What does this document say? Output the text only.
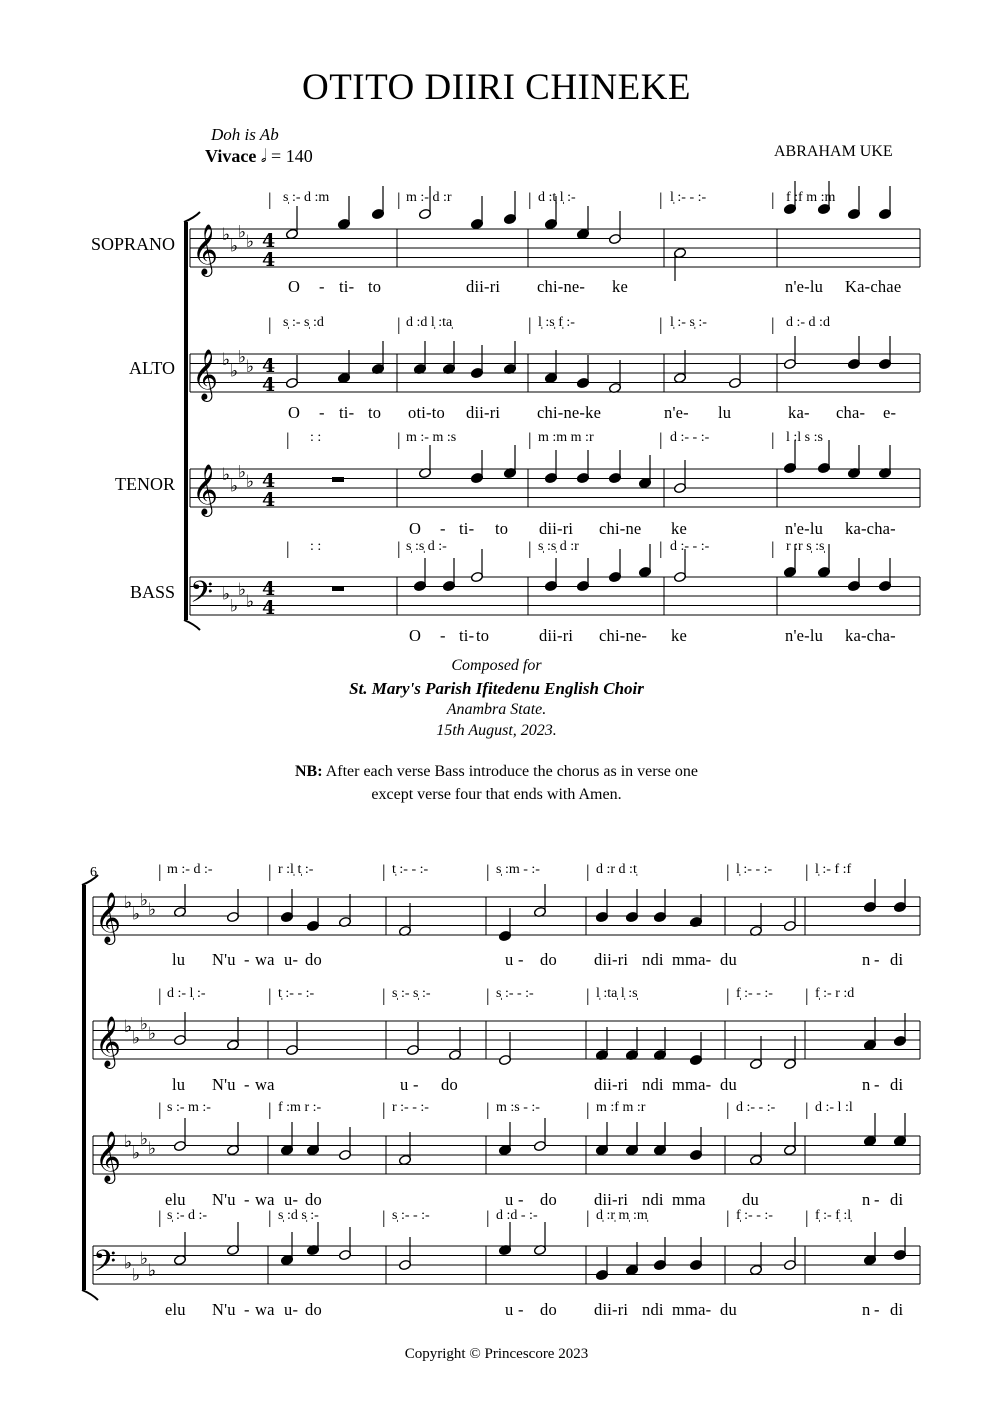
OTITO DIIRI CHINEKE
Doh is Ab
Vivace 𝅗𝅥 = 140	ABRAHAM UKE
SOPRANO
ALTO
TENOR
BASS
𝄞 ♭
♭
♭ ♭ 4
4
𝄞 ♭
♭
♭ ♭ 4
4
𝄞 ♭
♭
♭ ♭ 4
4
𝄢 ♭
♭
♭
♭
4
4
𝄞 ♭
♭
♭ ♭
𝄞 ♭
♭
♭ ♭
𝄞 ♭
♭
♭ ♭
𝄢 ♭
♭
♭
♭
| s̩ :- d :m	| m :- d :r	| d :t̩ l̩ :-	| l̩ :- - :-	| f :f m :m
| s̩ :- s̩ :d	| d :d l̩ :ta̩	| l̩ :s̩ f̩ :-	| l̩ :- s̩ :-	| d :- d :d
| : :	| m :- m :s	| m :m m :r	| d :- - :-	| l :l s :s
| : :	| s̩ :s̩ d :-	| s̩ :s̩ d :r	| d :- - :-	| r :r s̩ :s̩
O - ti- to	dii-ri chi-ne- ke	n'e-lu Ka-chae
O - ti- to oti-to dii-ri chi-ne-ke	n'e- lu	ka- cha- e-
O - ti- to dii-ri chi-ne ke	n'e-lu ka-cha-
O - ti- to	dii-ri chi-ne- ke	n'e-lu ka-cha-
Composed for
St. Mary's Parish Ifitedenu English Choir
Anambra State.
15th August, 2023.
NB: After each verse Bass introduce the chorus as in verse one
except verse four that ends with Amen.
6	| m :- d :-	| r :l̩ t̩ :-	| t̩ :- - :-	| s̩ :m - :-	| d :r d :t̩	| l̩ :- - :- | l̩ :- f :f
| d :- l̩ :-	| t̩ :- - :-	| s̩ :- s̩ :-	| s̩ :- - :-	| l̩ :ta̩ l̩ :s̩	| f̩ :- - :- | f̩ :- r :d
| s :- m :-	| f :m r :-	| r :- - :-	| m :s - :-	| m :f m :r	| d :- - :- | d :- l :l
| s̩ :- d :-	| s̩ :d s̩ :-	| s̩ :- - :-	| d :d - :-	| d̩ :r̩ m̩ :m̩	| f̩ :- - :- | f̩ :- f̩ :l̩
lu N'u - wa u- do	u - do dii-ri ndi mma- du	n - di
lu N'u - wa	u - do	dii-ri ndi mma- du	n - di
elu N'u - wa u- do	u - do dii-ri ndi mma du	n - di
elu N'u - wa u- do	u - do dii-ri ndi mma- du	n - di
Copyright © Princescore 2023
